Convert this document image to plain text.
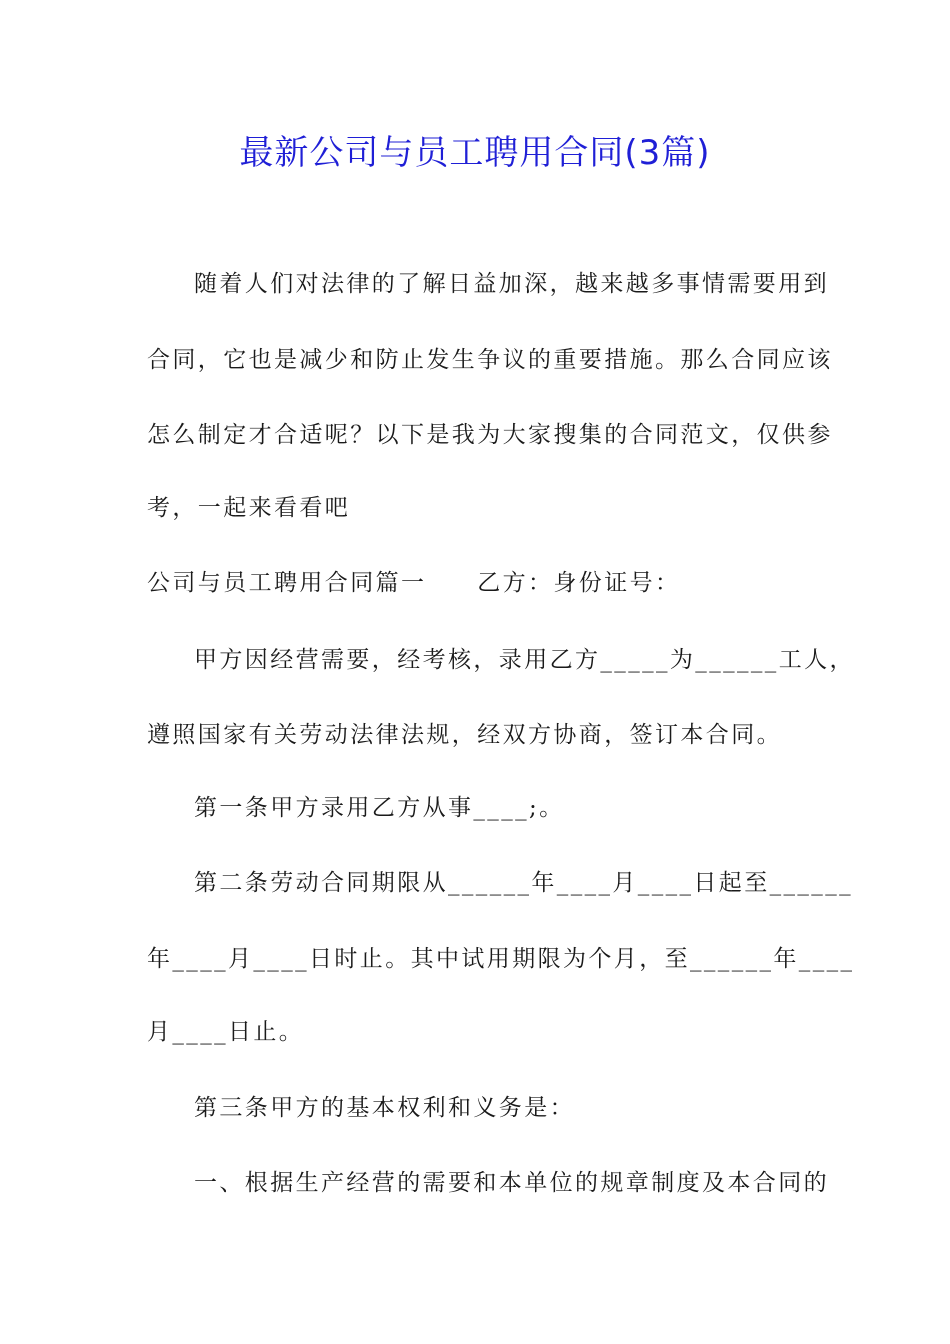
最新公司与员工聘用合同(3篇)
随着人们对法律的了解日益加深，越来越多事情需要用到
合同，它也是减少和防止发生争议的重要措施。那么合同应该
怎么制定才合适呢？以下是我为大家搜集的合同范文，仅供参
考，一起来看看吧
公司与员工聘用合同篇一　　乙方：身份证号：
甲方因经营需要，经考核，录用乙方_____为______工人，
遵照国家有关劳动法律法规，经双方协商，签订本合同。
第一条甲方录用乙方从事____;。
第二条劳动合同期限从______年____月____日起至______
年____月____日时止。其中试用期限为个月，至______年____
月____日止。
第三条甲方的基本权利和义务是：
一、根据生产经营的需要和本单位的规章制度及本合同的
